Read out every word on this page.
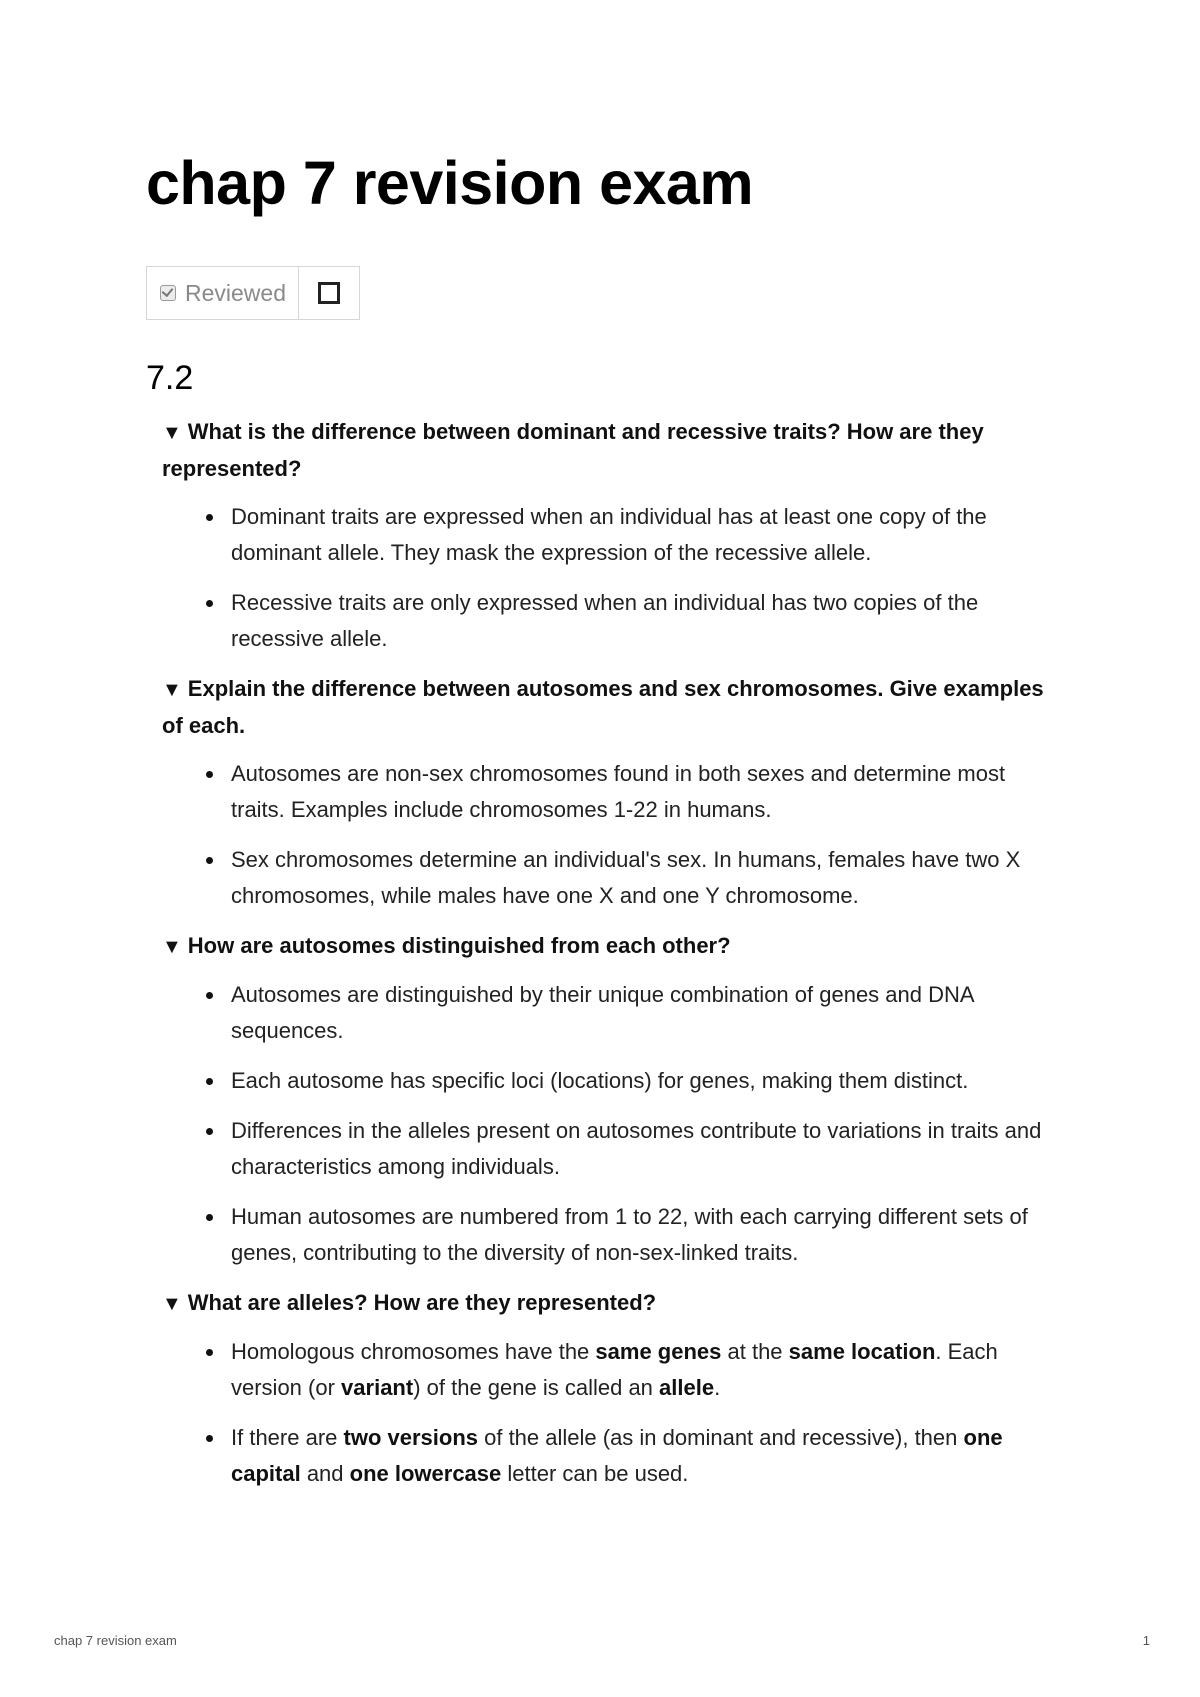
chap 7 revision exam
Reviewed
7.2

▼ What is the difference between dominant and recessive traits? How are they represented?

Dominant traits are expressed when an individual has at least one copy of the dominant allele. They mask the expression of the recessive allele.
Recessive traits are only expressed when an individual has two copies of the recessive allele.

▼ Explain the difference between autosomes and sex chromosomes. Give examples of each.

Autosomes are non-sex chromosomes found in both sexes and determine most traits. Examples include chromosomes 1-22 in humans.
Sex chromosomes determine an individual's sex. In humans, females have two X chromosomes, while males have one X and one Y chromosome.

▼ How are autosomes distinguished from each other?

Autosomes are distinguished by their unique combination of genes and DNA sequences.
Each autosome has specific loci (locations) for genes, making them distinct.
Differences in the alleles present on autosomes contribute to variations in traits and characteristics among individuals.
Human autosomes are numbered from 1 to 22, with each carrying different sets of genes, contributing to the diversity of non-sex-linked traits.

▼ What are alleles? How are they represented?

Homologous chromosomes have the same genes at the same location. Each version (or variant) of the gene is called an allele.
If there are two versions of the allele (as in dominant and recessive), then one capital and one lowercase letter can be used.
chap 7 revision exam	1
